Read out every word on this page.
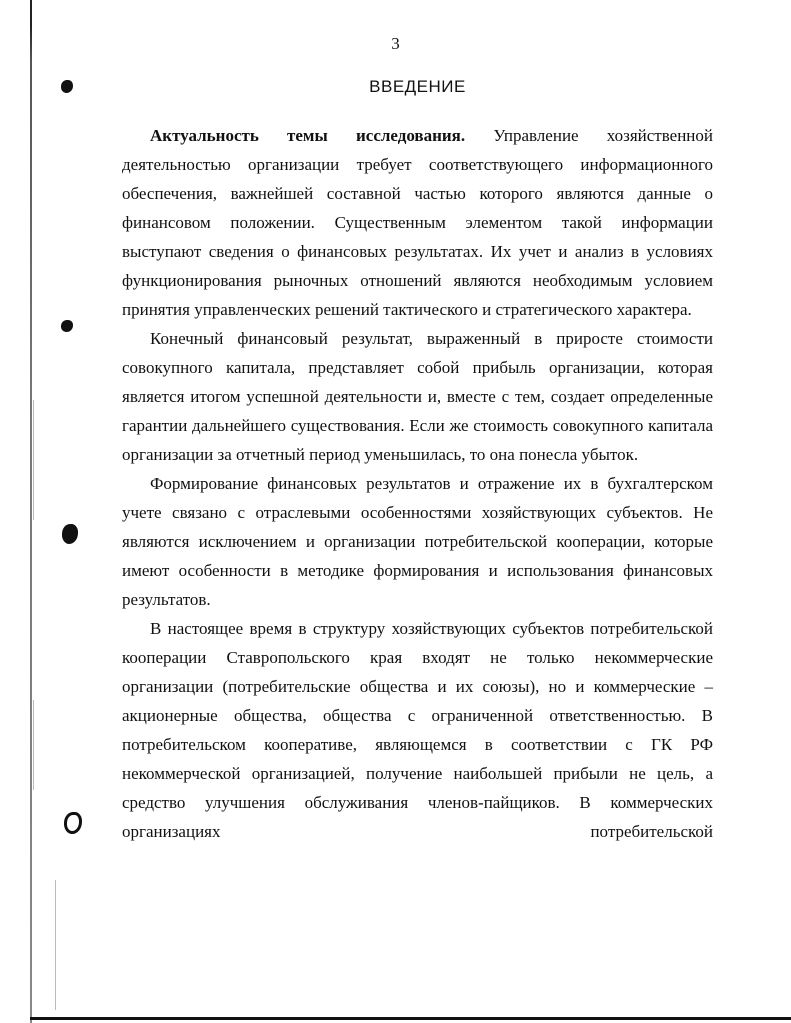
3
ВВЕДЕНИЕ

Актуальность темы исследования. Управление хозяйственной деятельностью организации требует соответствующего информационного обеспечения, важнейшей составной частью которого являются данные о финансовом положении. Существенным элементом такой информации выступают сведения о финансовых результатах. Их учет и анализ в условиях функционирования рыночных отношений являются необходимым условием принятия управленческих решений тактического и стратегического характера.

Конечный финансовый результат, выраженный в приросте стоимости совокупного капитала, представляет собой прибыль организации, которая является итогом успешной деятельности и, вместе с тем, создает определенные гарантии дальнейшего существования. Если же стоимость совокупного капитала организации за отчетный период уменьшилась, то она понесла убыток.

Формирование финансовых результатов и отражение их в бухгалтерском учете связано с отраслевыми особенностями хозяйствующих субъектов. Не являются исключением и организации потребительской кооперации, которые имеют особенности в методике формирования и использования финансовых результатов.

В настоящее время в структуру хозяйствующих субъектов потребительской кооперации Ставропольского края входят не только некоммерческие организации (потребительские общества и их союзы), но и коммерческие – акционерные общества, общества с ограниченной ответственностью. В потребительском кооперативе, являющемся в соответствии с ГК РФ некоммерческой организацией, получение наибольшей прибыли не цель, а средство улучшения обслуживания членов-пайщиков. В коммерческих организациях потребительской
